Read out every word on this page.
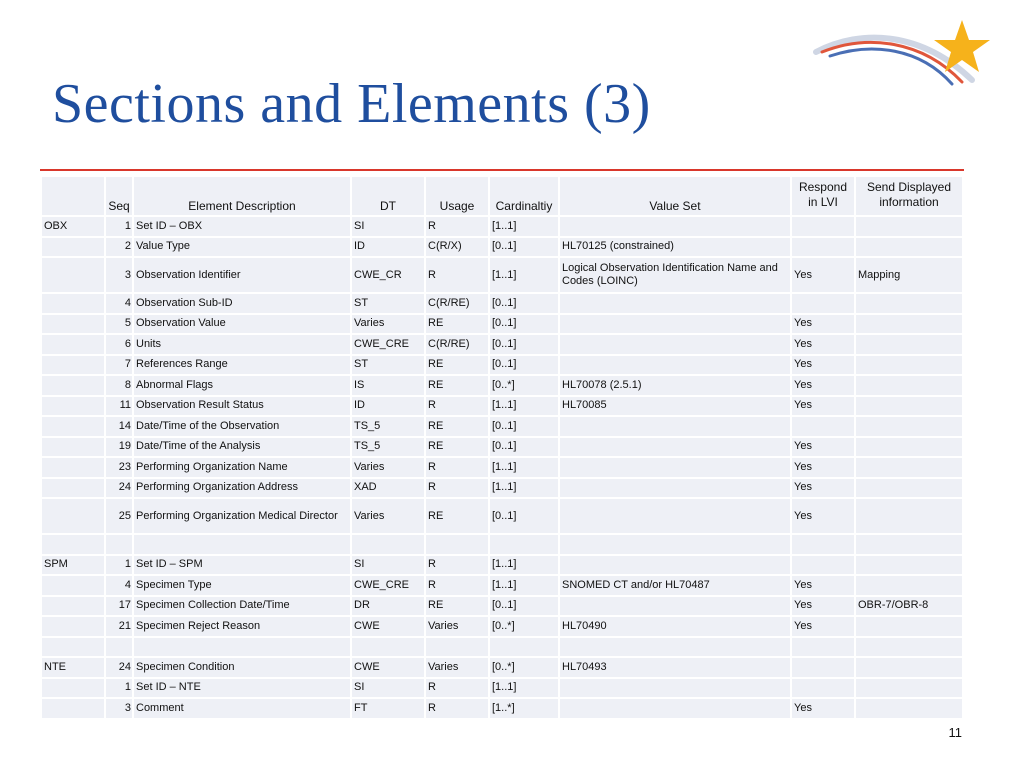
Sections and Elements (3)
	Seq	Element Description	DT	Usage	Cardinaltiy	Value Set	Respond in LVI	Send Displayed information
OBX	1	Set ID – OBX	SI	R	[1..1]			
	2	Value Type	ID	C(R/X)	[0..1]	HL70125 (constrained)		
	3	Observation Identifier	CWE_CR	R	[1..1]	Logical Observation Identification Name and Codes (LOINC)	Yes	Mapping
	4	Observation Sub-ID	ST	C(R/RE)	[0..1]			
	5	Observation Value	Varies	RE	[0..1]		Yes	
	6	Units	CWE_CRE	C(R/RE)	[0..1]		Yes	
	7	References Range	ST	RE	[0..1]		Yes	
	8	Abnormal Flags	IS	RE	[0..*]	HL70078 (2.5.1)	Yes	
	11	Observation Result Status	ID	R	[1..1]	HL70085	Yes	
	14	Date/Time of the Observation	TS_5	RE	[0..1]			
	19	Date/Time of the Analysis	TS_5	RE	[0..1]		Yes	
	23	Performing Organization Name	Varies	R	[1..1]		Yes	
	24	Performing Organization Address	XAD	R	[1..1]		Yes	
	25	Performing Organization Medical Director	Varies	RE	[0..1]		Yes	

SPM	1	Set ID – SPM	SI	R	[1..1]			
	4	Specimen Type	CWE_CRE	R	[1..1]	SNOMED CT and/or HL70487	Yes	
	17	Specimen Collection Date/Time	DR	RE	[0..1]		Yes	OBR-7/OBR-8
	21	Specimen Reject Reason	CWE	Varies	[0..*]	HL70490	Yes	

NTE	24	Specimen Condition	CWE	Varies	[0..*]	HL70493		
	1	Set ID – NTE	SI	R	[1..1]			
	3	Comment	FT	R	[1..*]		Yes	
11
